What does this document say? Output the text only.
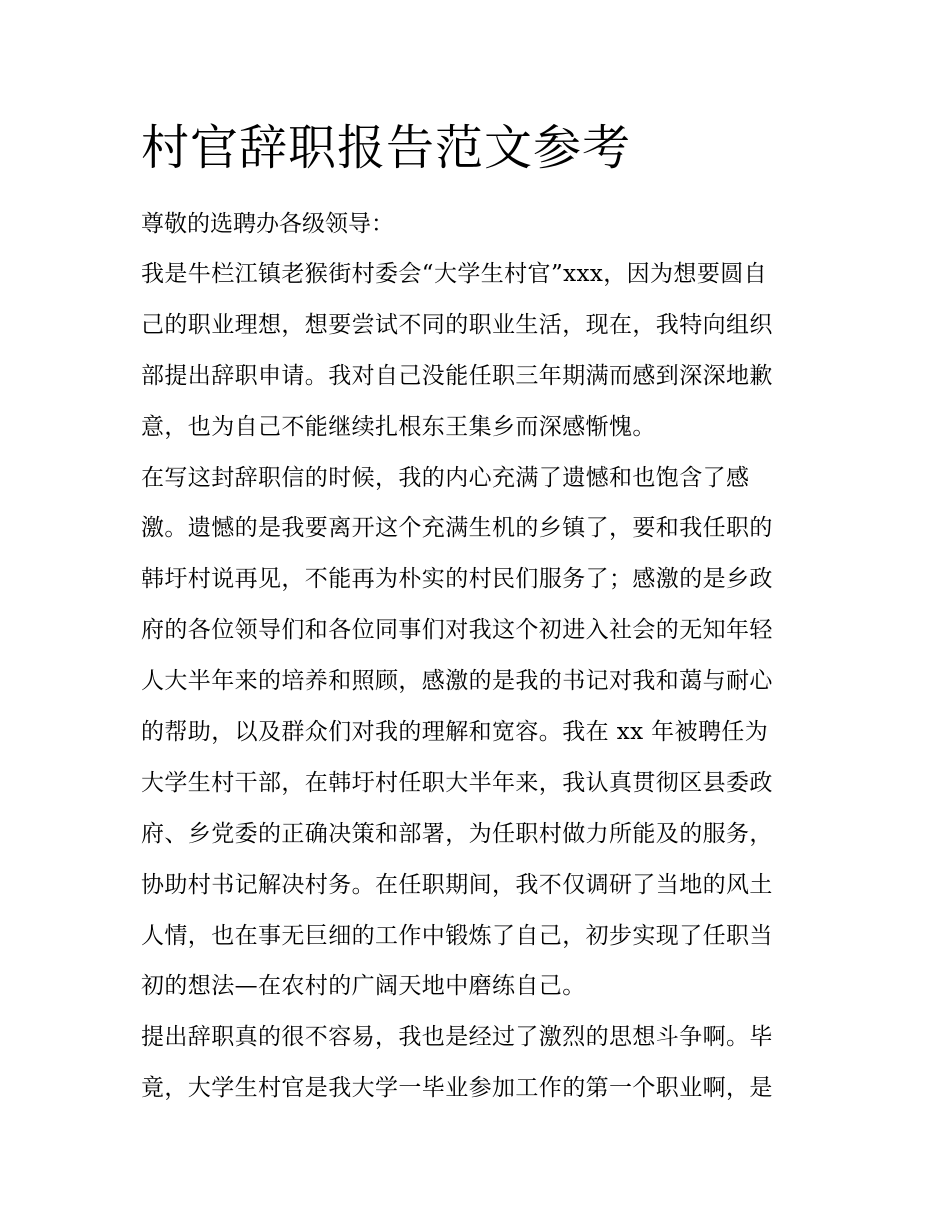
村官辞职报告范文参考

尊敬的选聘办各级领导：

我是牛栏江镇老猴街村委会“大学生村官”xxx，因为想要圆自
己的职业理想，想要尝试不同的职业生活，现在，我特向组织
部提出辞职申请。我对自己没能任职三年期满而感到深深地歉
意，也为自己不能继续扎根东王集乡而深感惭愧。
在写这封辞职信的时候，我的内心充满了遗憾和也饱含了感
激。遗憾的是我要离开这个充满生机的乡镇了，要和我任职的
韩圩村说再见，不能再为朴实的村民们服务了；感激的是乡政
府的各位领导们和各位同事们对我这个初进入社会的无知年轻
人大半年来的培养和照顾，感激的是我的书记对我和蔼与耐心
的帮助，以及群众们对我的理解和宽容。我在 xx 年被聘任为
大学生村干部，在韩圩村任职大半年来，我认真贯彻区县委政
府、乡党委的正确决策和部署，为任职村做力所能及的服务，
协助村书记解决村务。在任职期间，我不仅调研了当地的风土
人情，也在事无巨细的工作中锻炼了自己，初步实现了任职当
初的想法—在农村的广阔天地中磨练自己。
提出辞职真的很不容易，我也是经过了激烈的思想斗争啊。毕
竟，大学生村官是我大学一毕业参加工作的第一个职业啊，是
